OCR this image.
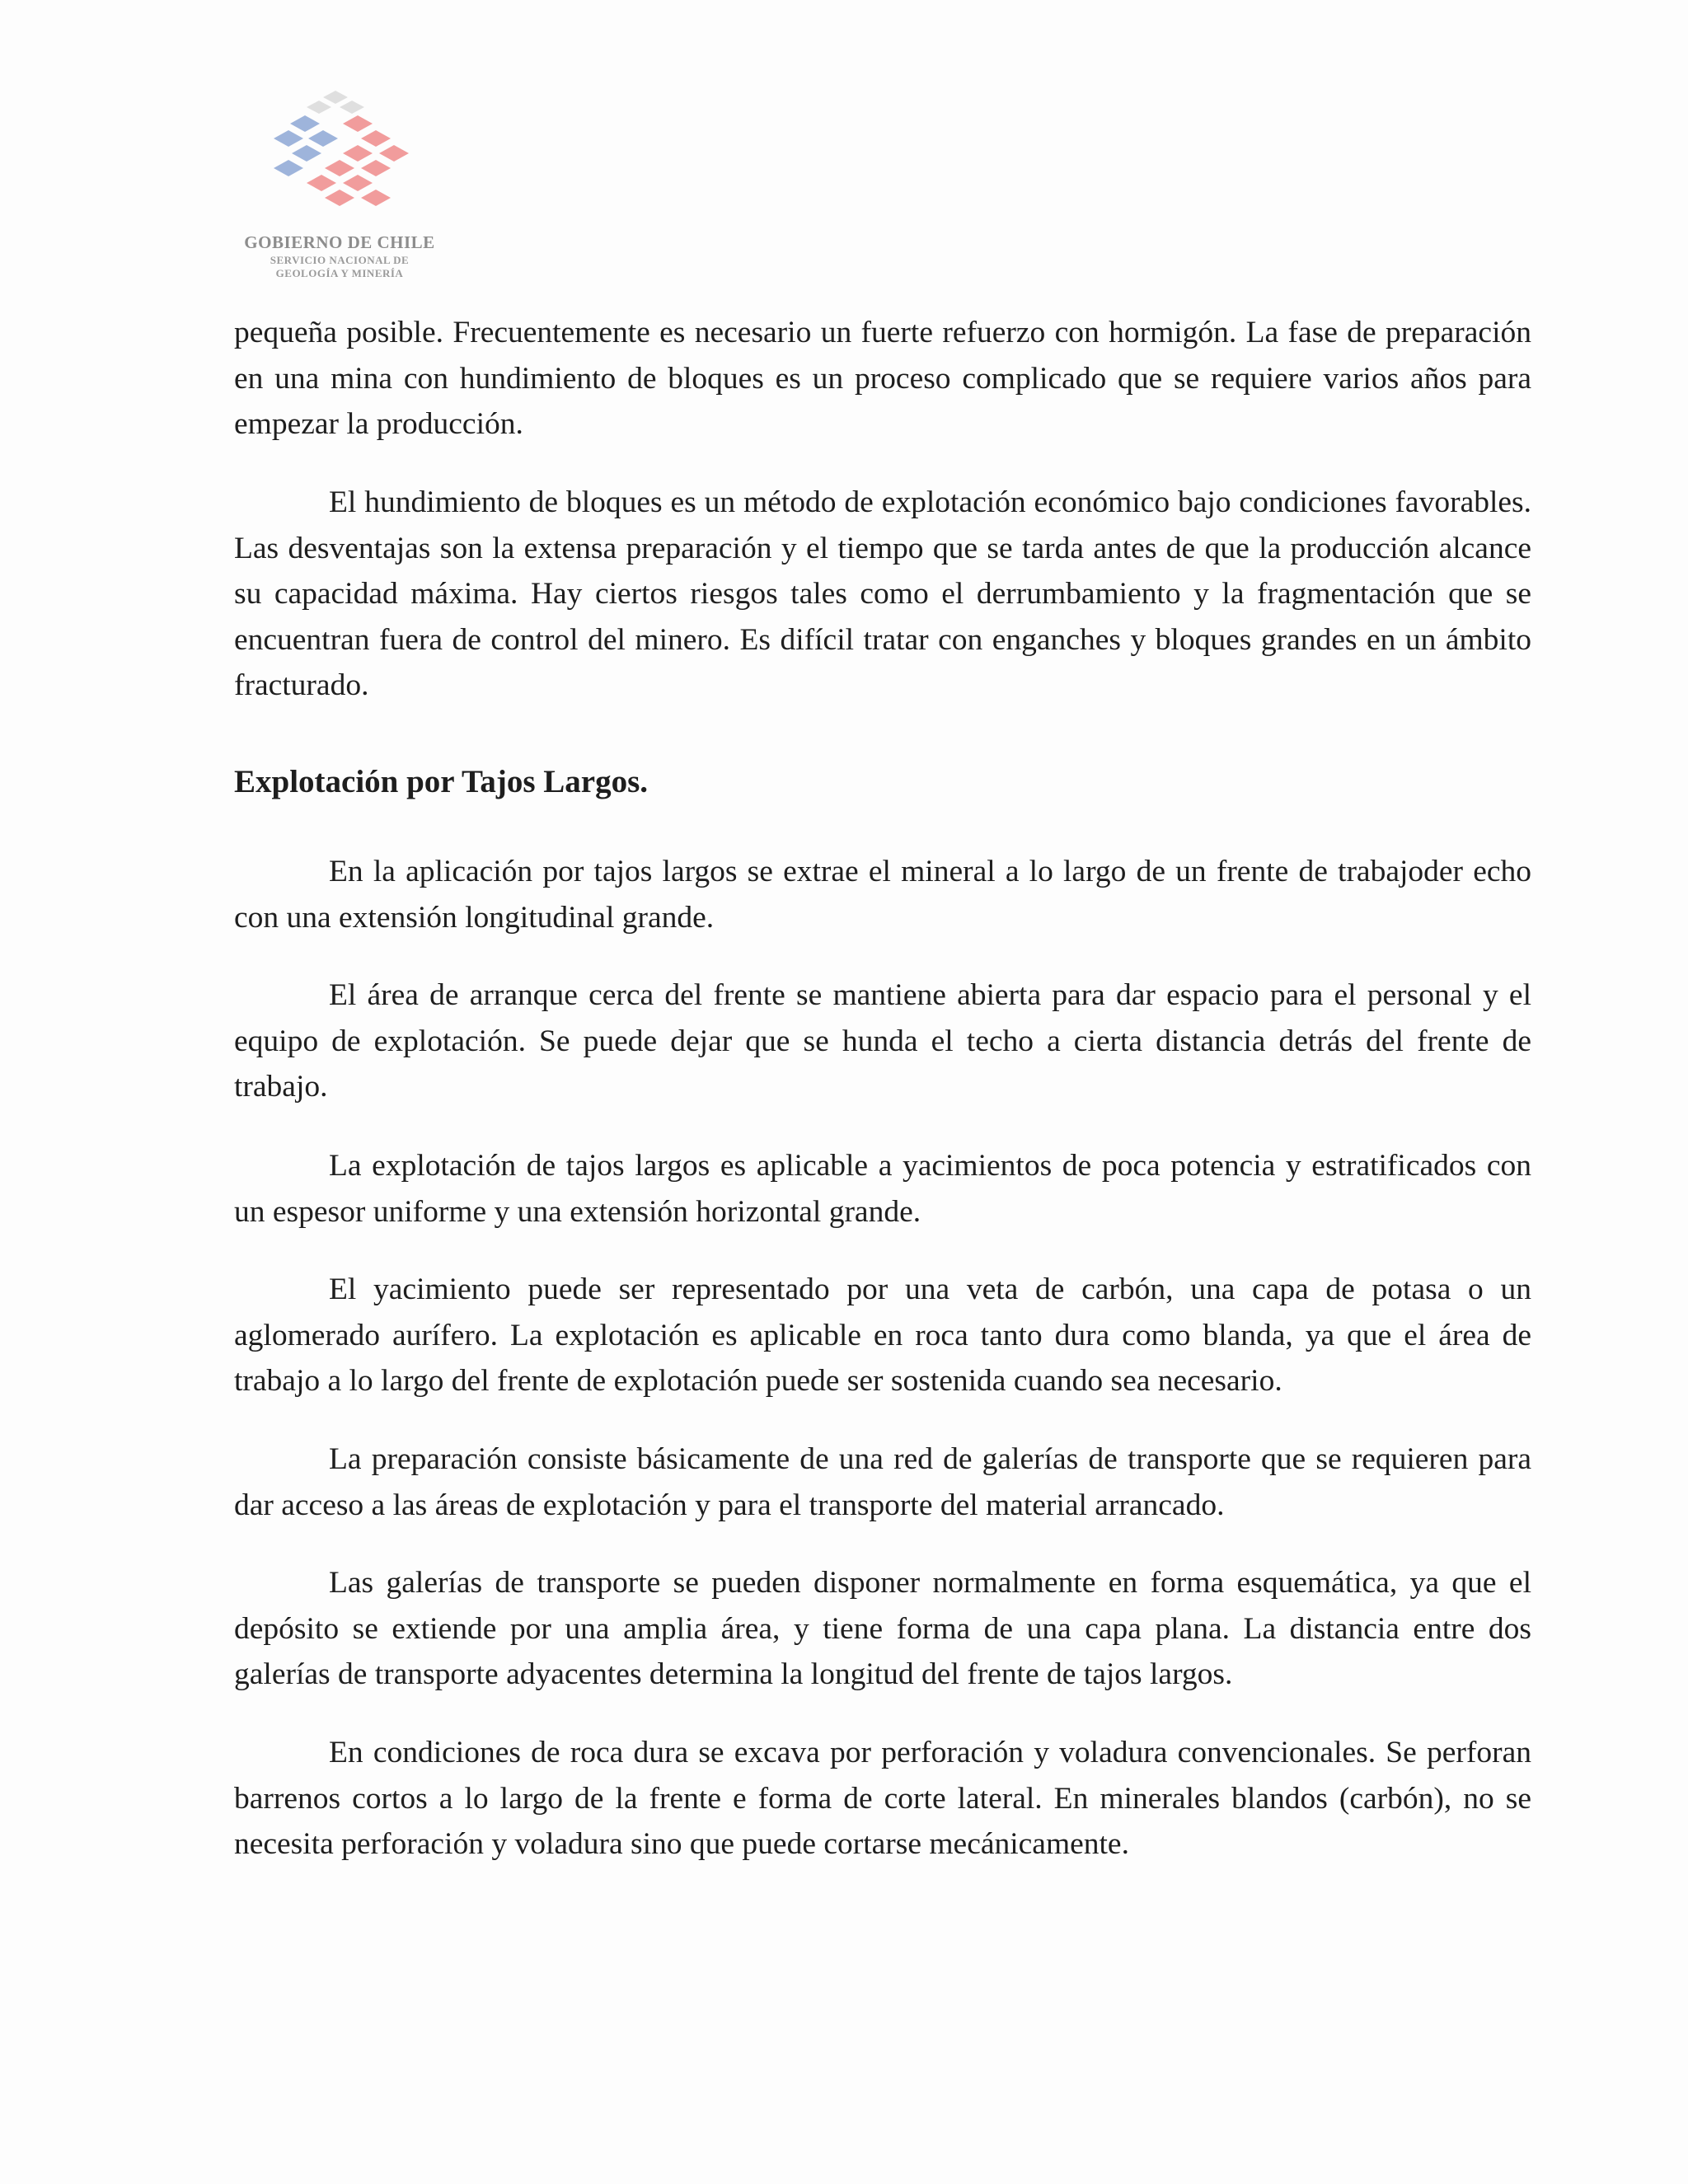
GOBIERNO DE CHILE
SERVICIO NACIONAL DE
GEOLOGÍA Y MINERÍA

pequeña posible. Frecuentemente es necesario un fuerte refuerzo con hormigón. La fase de preparación en una mina con hundimiento de bloques es un proceso complicado que se requiere varios años para empezar la producción.

El hundimiento de bloques es un método de explotación económico bajo condiciones favorables. Las desventajas son la extensa preparación y el tiempo que se tarda antes de que la producción alcance su capacidad máxima. Hay ciertos riesgos tales como el derrumbamiento y la fragmentación que se encuentran fuera de control del minero. Es difícil tratar con enganches y bloques grandes en un ámbito fracturado.

Explotación por Tajos Largos.

En la aplicación por tajos largos se extrae el mineral a lo largo de un frente de trabajoder echo con una extensión longitudinal grande.

El área de arranque cerca del frente se mantiene abierta para dar espacio para el personal y el equipo de explotación. Se puede dejar que se hunda el techo a cierta distancia detrás del frente de trabajo.

La explotación de tajos largos es aplicable a yacimientos de poca potencia y estratificados con un espesor uniforme y una extensión horizontal grande.

El yacimiento puede ser representado por una veta de carbón, una capa de potasa o un aglomerado aurífero. La explotación es aplicable en roca tanto dura como blanda, ya que el área de trabajo a lo largo del frente de explotación puede ser sostenida cuando sea necesario.

La preparación consiste básicamente de una red de galerías de transporte que se requieren para dar acceso a las áreas de explotación y para el transporte del material arrancado.

Las galerías de transporte se pueden disponer normalmente en forma esquemática, ya que el depósito se extiende por una amplia área, y tiene forma de una capa plana. La distancia entre dos galerías de transporte adyacentes determina la longitud del frente de tajos largos.

En condiciones de roca dura se excava por perforación y voladura convencionales. Se perforan barrenos cortos a lo largo de la frente e forma de corte lateral. En minerales blandos (carbón), no se necesita perforación y voladura sino que puede cortarse mecánicamente.
